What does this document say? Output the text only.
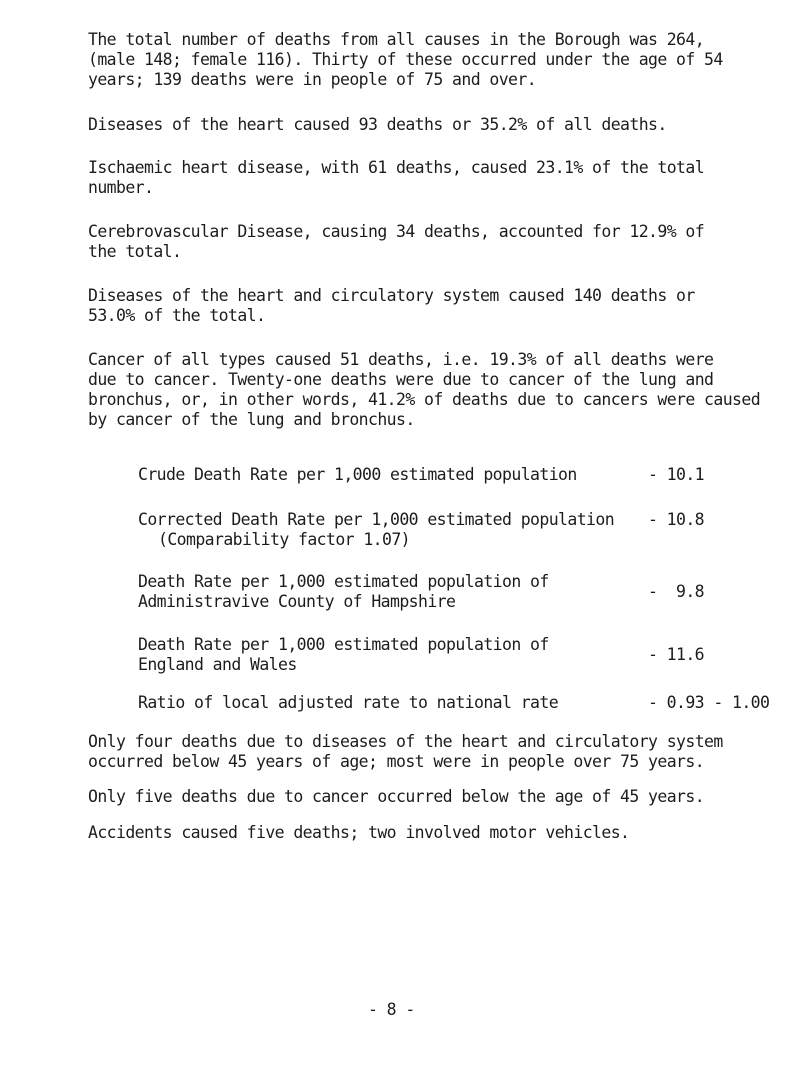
The total number of deaths from all causes in the Borough was 264,
(male 148; female 116). Thirty of these occurred under the age of 54
years; 139 deaths were in people of 75 and over.

Diseases of the heart caused 93 deaths or 35.2% of all deaths.

Ischaemic heart disease, with 61 deaths, caused 23.1% of the total
number.

Cerebrovascular Disease, causing 34 deaths, accounted for 12.9% of
the total.

Diseases of the heart and circulatory system caused 140 deaths or
53.0% of the total.

Cancer of all types caused 51 deaths, i.e. 19.3% of all deaths were
due to cancer. Twenty-one deaths were due to cancer of the lung and
bronchus, or, in other words, 41.2% of deaths due to cancers were caused
by cancer of the lung and bronchus.

Crude Death Rate per 1,000 estimated population	- 10.1
Corrected Death Rate per 1,000 estimated population
(Comparability factor 1.07)
- 10.8
Death Rate per 1,000 estimated population of
Administravive County of Hampshire
-  9.8
Death Rate per 1,000 estimated population of
England and Wales
- 11.6
Ratio of local adjusted rate to national rate	- 0.93 - 1.00

Only four deaths due to diseases of the heart and circulatory system
occurred below 45 years of age; most were in people over 75 years.

Only five deaths due to cancer occurred below the age of 45 years.

Accidents caused five deaths; two involved motor vehicles.

- 8 -
